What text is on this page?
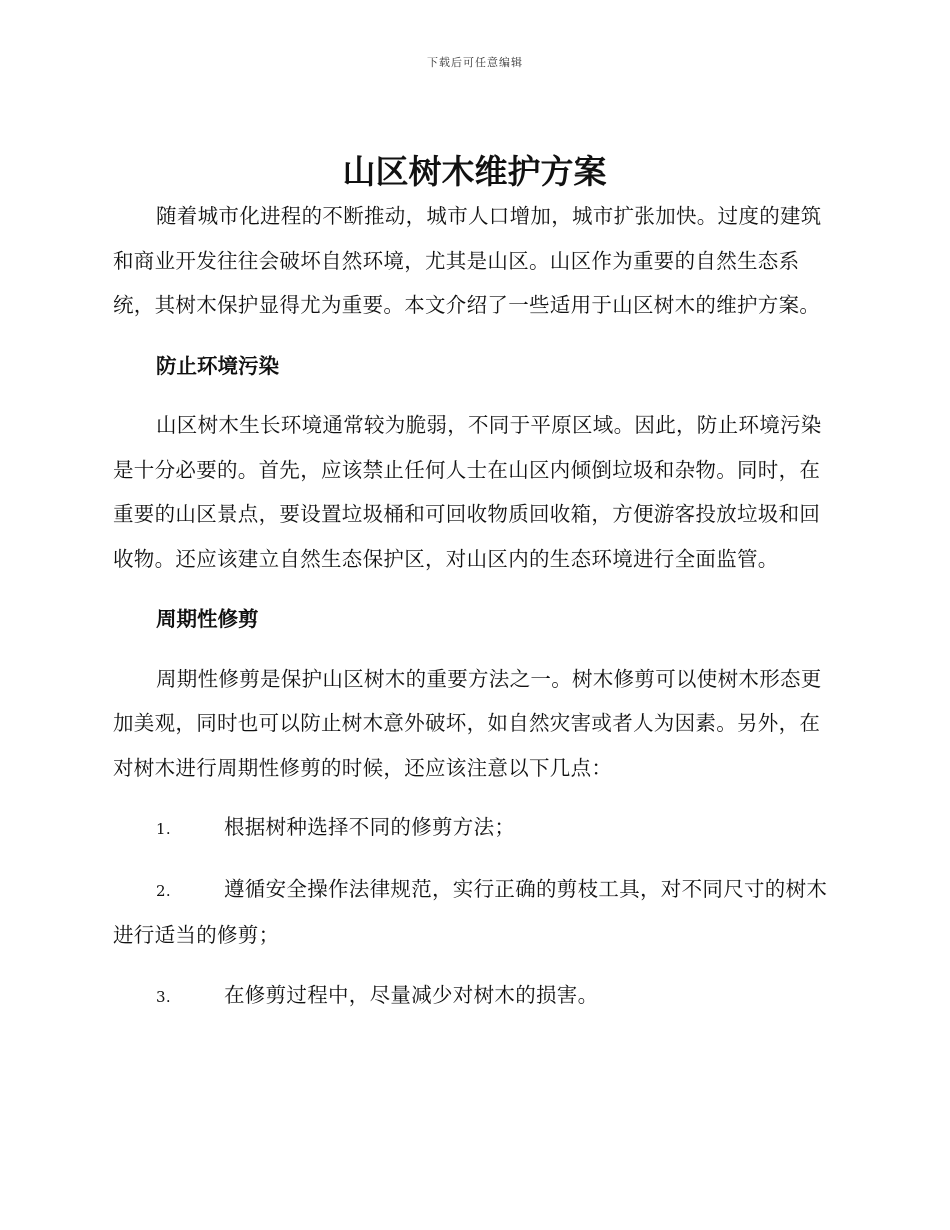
下载后可任意编辑
山区树木维护方案

随着城市化进程的不断推动，城市人口增加，城市扩张加快。过度的建筑和商业开发往往会破坏自然环境，尤其是山区。山区作为重要的自然生态系统，其树木保护显得尤为重要。本文介绍了一些适用于山区树木的维护方案。

防止环境污染

山区树木生长环境通常较为脆弱，不同于平原区域。因此，防止环境污染是十分必要的。首先，应该禁止任何人士在山区内倾倒垃圾和杂物。同时，在重要的山区景点，要设置垃圾桶和可回收物质回收箱，方便游客投放垃圾和回收物。还应该建立自然生态保护区，对山区内的生态环境进行全面监管。

周期性修剪

周期性修剪是保护山区树木的重要方法之一。树木修剪可以使树木形态更加美观，同时也可以防止树木意外破坏，如自然灾害或者人为因素。另外，在对树木进行周期性修剪的时候，还应该注意以下几点：

1.	根据树种选择不同的修剪方法；

2.	遵循安全操作法律规范，实行正确的剪枝工具，对不同尺寸的树木进行适当的修剪；

3.	在修剪过程中，尽量减少对树木的损害。
